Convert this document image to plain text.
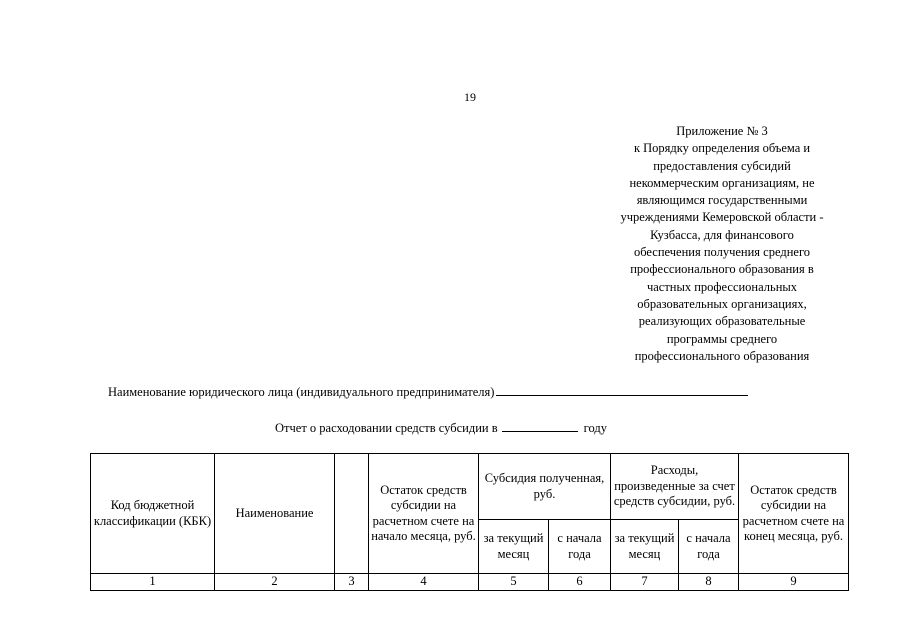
19
Приложение № 3
к Порядку определения объема и
предоставления субсидий
некоммерческим организациям, не
являющимся государственными
учреждениями Кемеровской области -
Кузбасса, для финансового
обеспечения получения среднего
профессионального образования в
частных профессиональных
образовательных организациях,
реализующих образовательные
программы среднего
профессионального образования
Наименование юридического лица (индивидуального предпринимателя)
Отчет о расходовании средств субсидии в	году
Код бюджетной классификации (КБК)	Наименование		Остаток средств субсидии на расчетном счете на начало месяца, руб.	Субсидия полученная, руб.		Расходы, произведенные за счет средств субсидии, руб.		Остаток средств субсидии на расчетном счете на конец месяца, руб.
				за текущий месяц	с начала года	за текущий месяц	с начала года	
1	2	3	4	5	6	7	8	9
